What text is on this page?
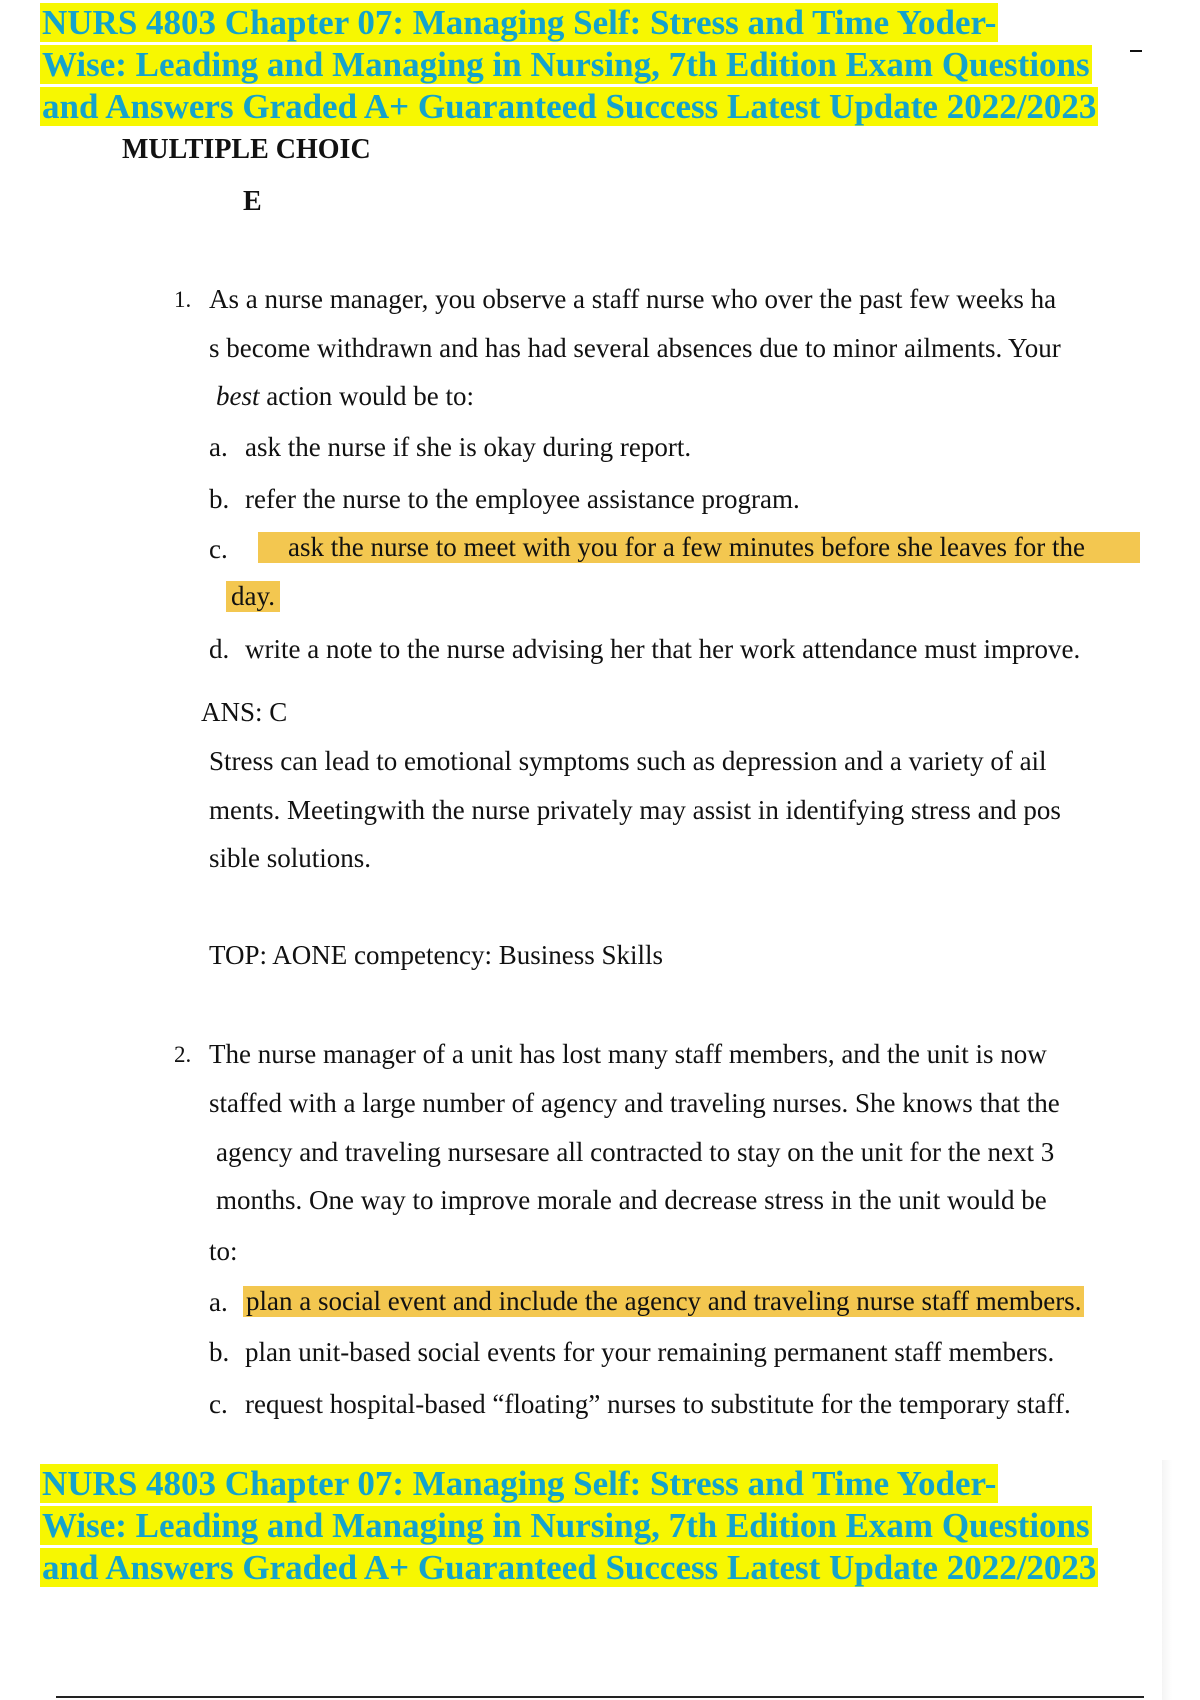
NURS 4803 Chapter 07: Managing Self: Stress and Time Yoder-
Wise: Leading and Managing in Nursing, 7th Edition Exam Questions
and Answers Graded A+ Guaranteed Success Latest Update 2022/2023
MULTIPLE CHOIC
E
1. As a nurse manager, you observe a staff nurse who over the past few weeks ha
s become withdrawn and has had several absences due to minor ailments. Your
best action would be to:
a. ask the nurse if she is okay during report.
b. refer the nurse to the employee assistance program.
c.	ask the nurse to meet with you for a few minutes before she leaves for the
day.
d. write a note to the nurse advising her that her work attendance must improve.
ANS: C
Stress can lead to emotional symptoms such as depression and a variety of ail
ments. Meetingwith the nurse privately may assist in identifying stress and pos
sible solutions.
TOP: AONE competency: Business Skills
2. The nurse manager of a unit has lost many staff members, and the unit is now
staffed with a large number of agency and traveling nurses. She knows that the
agency and traveling nursesare all contracted to stay on the unit for the next 3
months. One way to improve morale and decrease stress in the unit would be
to:
a. plan a social event and include the agency and traveling nurse staff members.
b. plan unit-based social events for your remaining permanent staff members.
c. request hospital-based “floating” nurses to substitute for the temporary staff.
NURS 4803 Chapter 07: Managing Self: Stress and Time Yoder-
Wise: Leading and Managing in Nursing, 7th Edition Exam Questions
and Answers Graded A+ Guaranteed Success Latest Update 2022/2023
